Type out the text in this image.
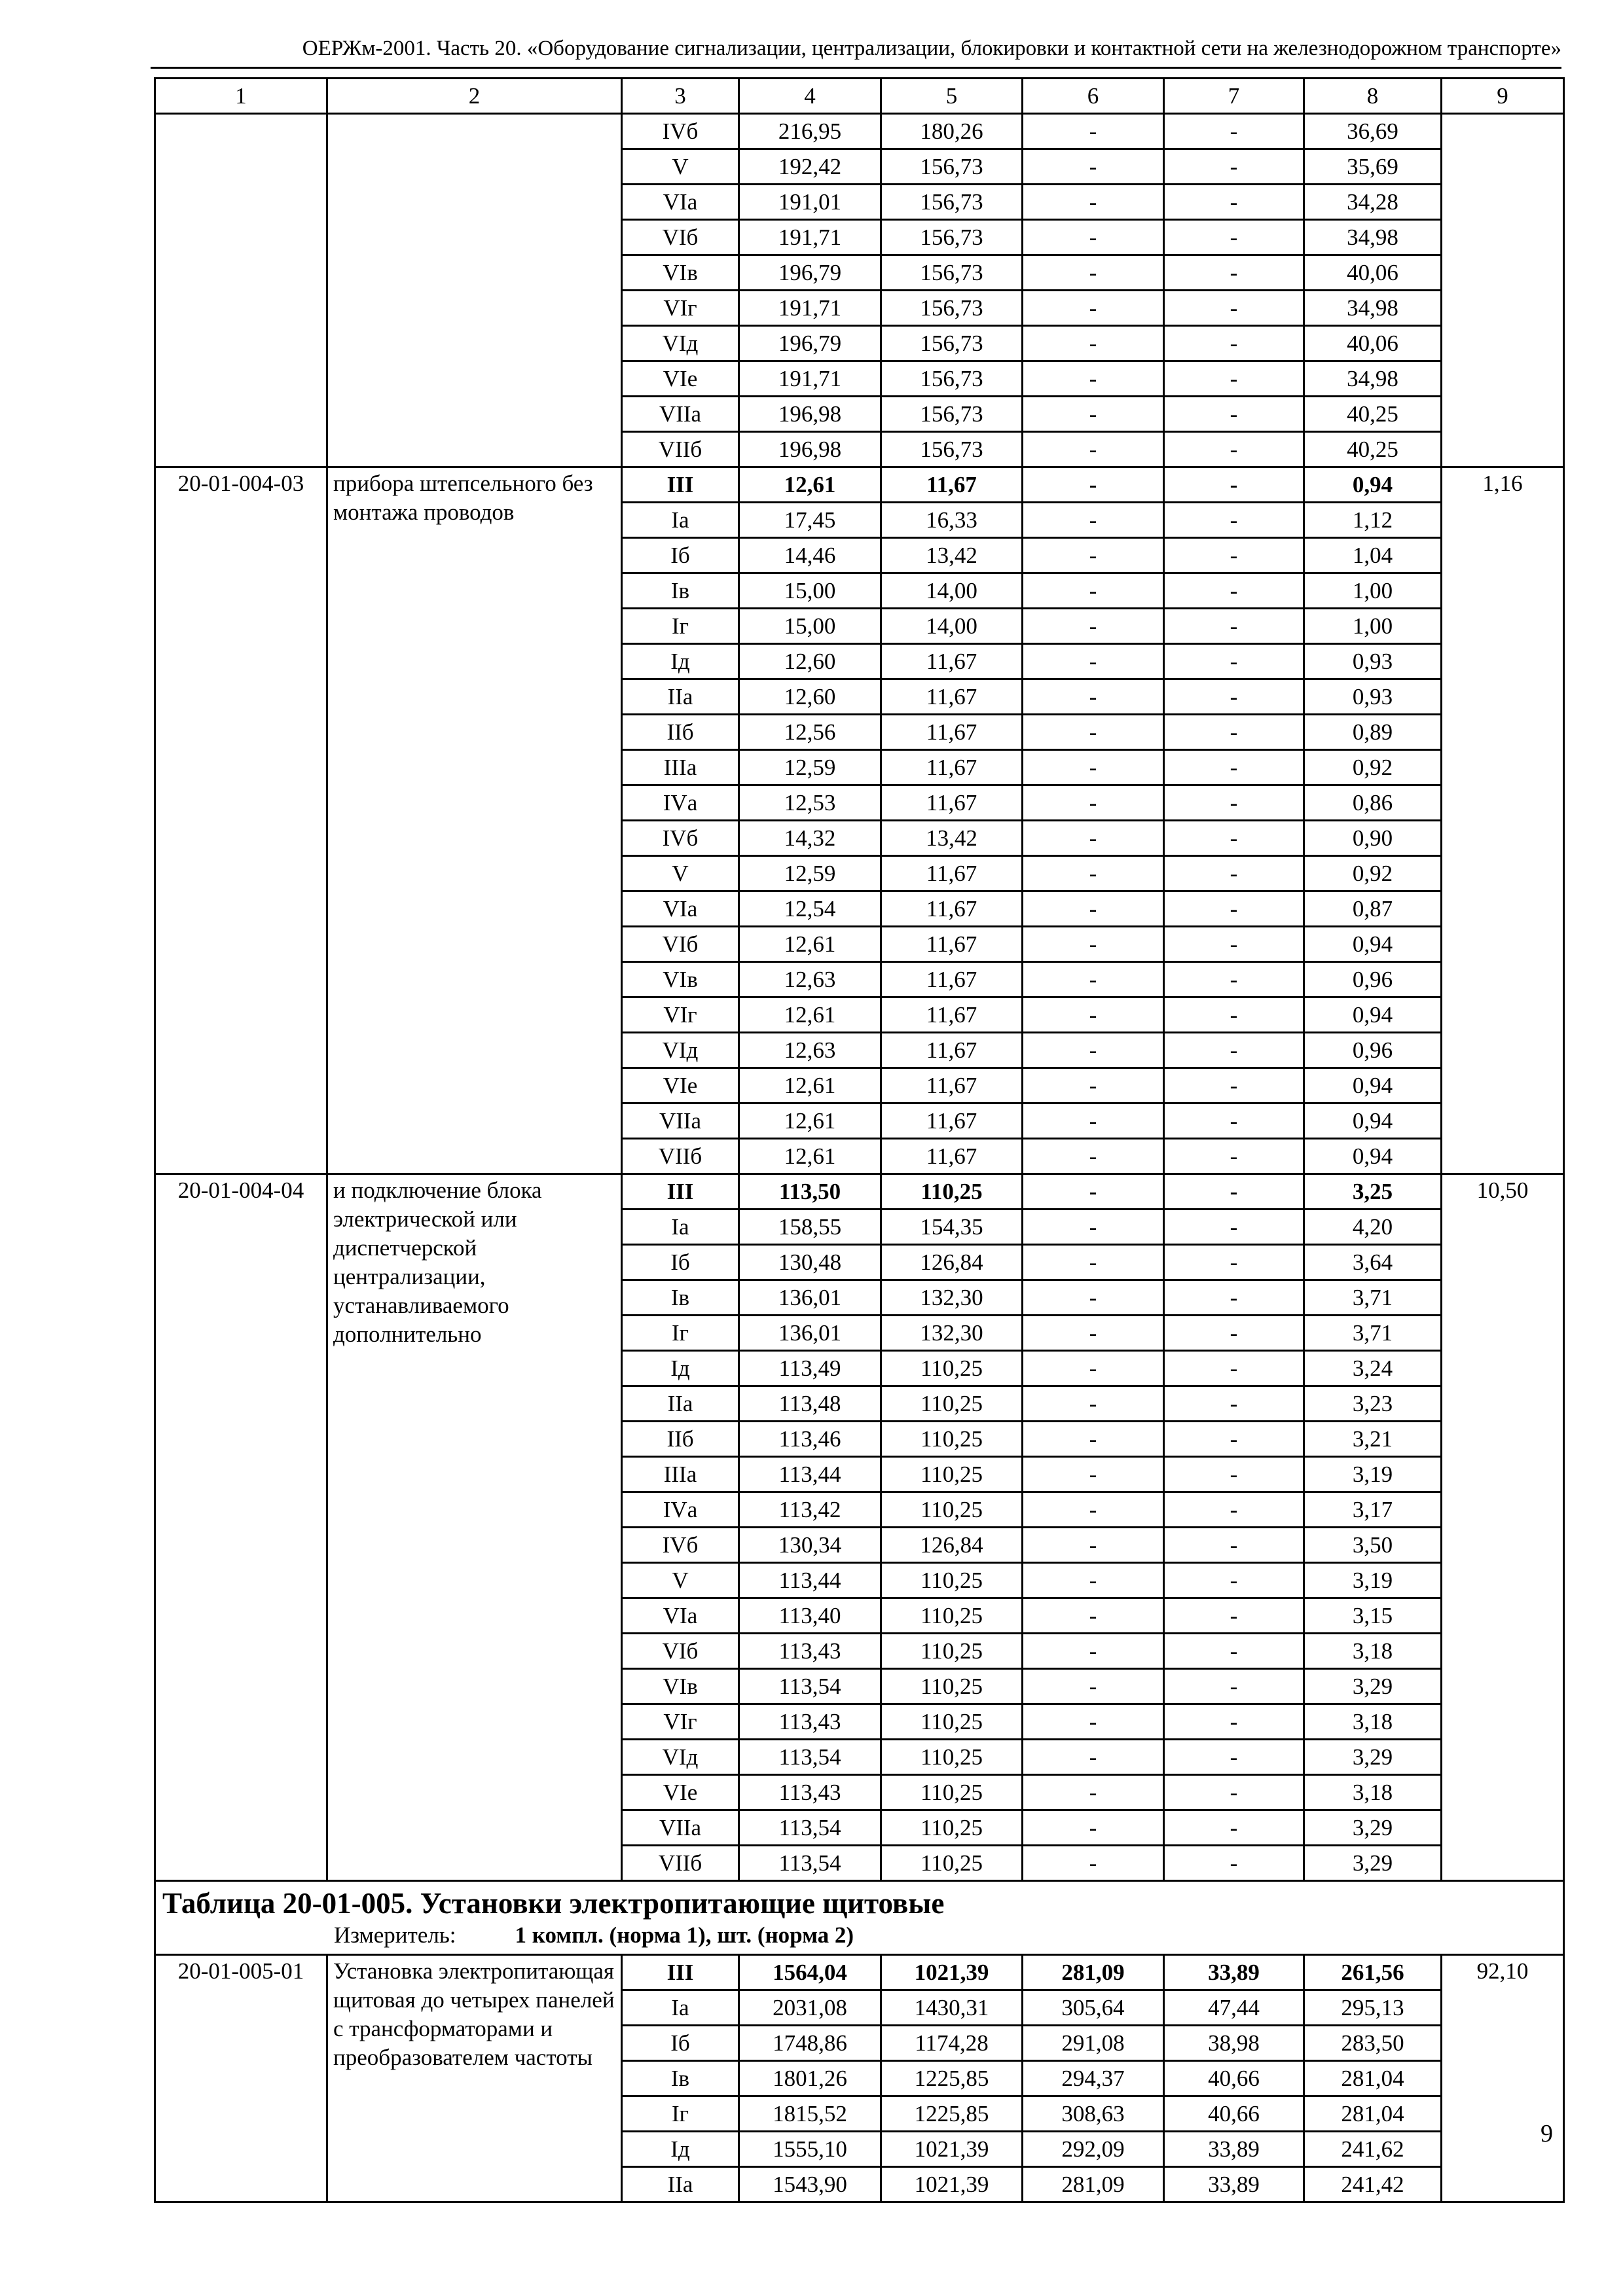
ОЕРЖм-2001. Часть 20. «Оборудование сигнализации, централизации, блокировки и контактной сети на железнодорожном транспорте»
1	2	3	4	5	6	7	8	9
		IVб	216,95	180,26	-	-	36,69	
		V	192,42	156,73	-	-	35,69	
		VIа	191,01	156,73	-	-	34,28	
		VIб	191,71	156,73	-	-	34,98	
		VIв	196,79	156,73	-	-	40,06	
		VIг	191,71	156,73	-	-	34,98	
		VIд	196,79	156,73	-	-	40,06	
		VIе	191,71	156,73	-	-	34,98	
		VIIа	196,98	156,73	-	-	40,25	
		VIIб	196,98	156,73	-	-	40,25	
20-01-004-03	прибора штепсельного без монтажа проводов	III	12,61	11,67	-	-	0,94	1,16
		Iа	17,45	16,33	-	-	1,12	
		Iб	14,46	13,42	-	-	1,04	
		Iв	15,00	14,00	-	-	1,00	
		Iг	15,00	14,00	-	-	1,00	
		Iд	12,60	11,67	-	-	0,93	
		IIа	12,60	11,67	-	-	0,93	
		IIб	12,56	11,67	-	-	0,89	
		IIIа	12,59	11,67	-	-	0,92	
		IVа	12,53	11,67	-	-	0,86	
		IVб	14,32	13,42	-	-	0,90	
		V	12,59	11,67	-	-	0,92	
		VIа	12,54	11,67	-	-	0,87	
		VIб	12,61	11,67	-	-	0,94	
		VIв	12,63	11,67	-	-	0,96	
		VIг	12,61	11,67	-	-	0,94	
		VIд	12,63	11,67	-	-	0,96	
		VIе	12,61	11,67	-	-	0,94	
		VIIа	12,61	11,67	-	-	0,94	
		VIIб	12,61	11,67	-	-	0,94	
20-01-004-04	и подключение блока электрической или диспетчерской централизации, устанавливаемого дополнительно	III	113,50	110,25	-	-	3,25	10,50
		Iа	158,55	154,35	-	-	4,20	
		Iб	130,48	126,84	-	-	3,64	
		Iв	136,01	132,30	-	-	3,71	
		Iг	136,01	132,30	-	-	3,71	
		Iд	113,49	110,25	-	-	3,24	
		IIа	113,48	110,25	-	-	3,23	
		IIб	113,46	110,25	-	-	3,21	
		IIIа	113,44	110,25	-	-	3,19	
		IVа	113,42	110,25	-	-	3,17	
		IVб	130,34	126,84	-	-	3,50	
		V	113,44	110,25	-	-	3,19	
		VIа	113,40	110,25	-	-	3,15	
		VIб	113,43	110,25	-	-	3,18	
		VIв	113,54	110,25	-	-	3,29	
		VIг	113,43	110,25	-	-	3,18	
		VIд	113,54	110,25	-	-	3,29	
		VIе	113,43	110,25	-	-	3,18	
		VIIа	113,54	110,25	-	-	3,29	
		VIIб	113,54	110,25	-	-	3,29	
Таблица 20-01-005. Установки электропитающие щитовые								
Измеритель: 1 компл. (норма 1), шт. (норма 2)								
20-01-005-01	Установка электропитающая щитовая до четырех панелей с трансформаторами и преобразователем частоты	III	1564,04	1021,39	281,09	33,89	261,56	92,10
		Iа	2031,08	1430,31	305,64	47,44	295,13	
		Iб	1748,86	1174,28	291,08	38,98	283,50	
		Iв	1801,26	1225,85	294,37	40,66	281,04	
		Iг	1815,52	1225,85	308,63	40,66	281,04	
		Iд	1555,10	1021,39	292,09	33,89	241,62	
		IIа	1543,90	1021,39	281,09	33,89	241,42	
9
